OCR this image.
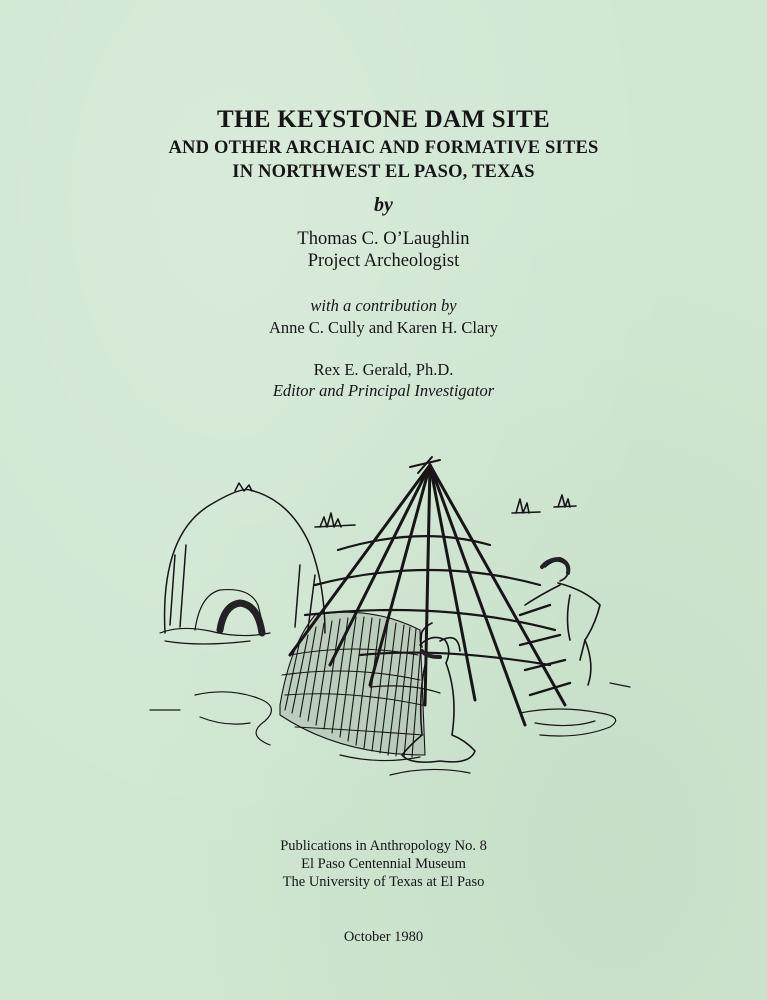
THE KEYSTONE DAM SITE
AND OTHER ARCHAIC AND FORMATIVE SITES
IN NORTHWEST EL PASO, TEXAS
by
Thomas C. O’Laughlin
Project Archeologist
with a contribution by
Anne C. Cully and Karen H. Clary
Rex E. Gerald, Ph.D.
Editor and Principal Investigator
Publications in Anthropology No. 8
El Paso Centennial Museum
The University of Texas at El Paso
October 1980
